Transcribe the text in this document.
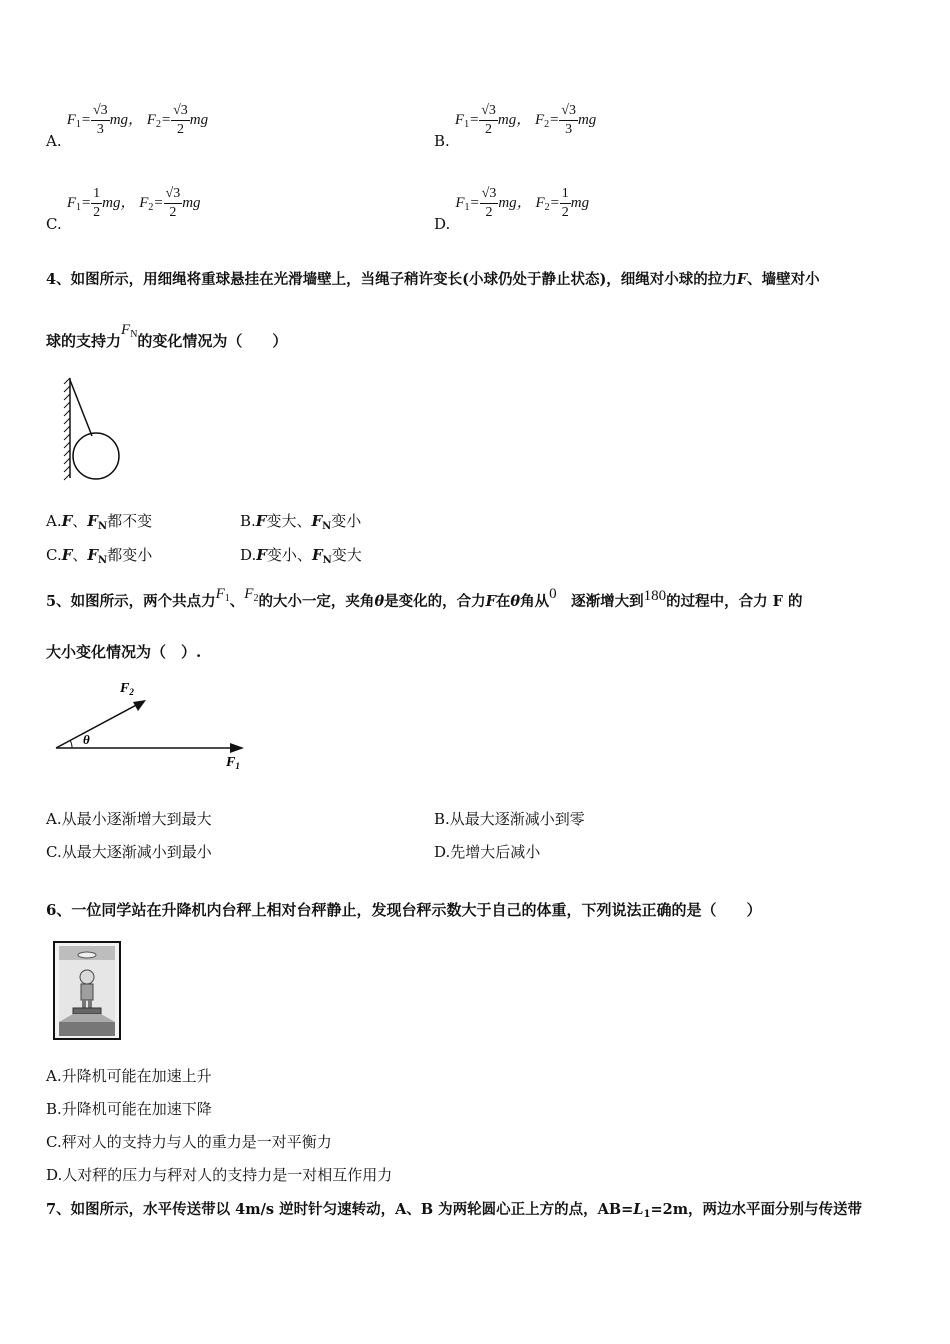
A. $F_1= \frac{√3}{3}$ mg， $F_2= \frac{√3}{2}$ mg
B. $F_1= \frac{√3}{2}$ mg， $F_2= \frac{√3}{3}$ mg
C. $F_1= \frac{1}{2}$ mg， $F_2= \frac{√3}{2}$ mg
D. $F_1= \frac{√3}{2}$ mg， $F_2= \frac{1}{2}$ mg
4、如图所示，用细绳将重球悬挂在光滑墙壁上，当绳子稍许变长(小球仍处于静止状态)，细绳对小球的拉力F、墙壁对小
球的支持力$F_N$的变化情况为（　　）
A.F、$F_N$都不变	B.F变大、$F_N$变小
C.F、$F_N$都变小	D.F变小、$F_N$变大
5、如图所示，两个共点力$F_1$、$F_2$的大小一定，夹角θ是变化的，合力F在θ角从0　 逐渐增大到180的过程中，合力 F 的
大小变化情况为（　）.
$F_2$
θ
$F_1$
A.从最小逐渐增大到最大	B.从最大逐渐减小到零
C.从最大逐渐减小到最小	D.先增大后减小
6、一位同学站在升降机内台秤上相对台秤静止，发现台秤示数大于自己的体重，下列说法正确的是（　　）
A.升降机可能在加速上升
B.升降机可能在加速下降
C.秤对人的支持力与人的重力是一对平衡力
D.人对秤的压力与秤对人的支持力是一对相互作用力
7、如图所示，水平传送带以 4m/s 逆时针匀速转动，A、B 为两轮圆心正上方的点，$AB=L_1=2m$，两边水平面分别与传送带
